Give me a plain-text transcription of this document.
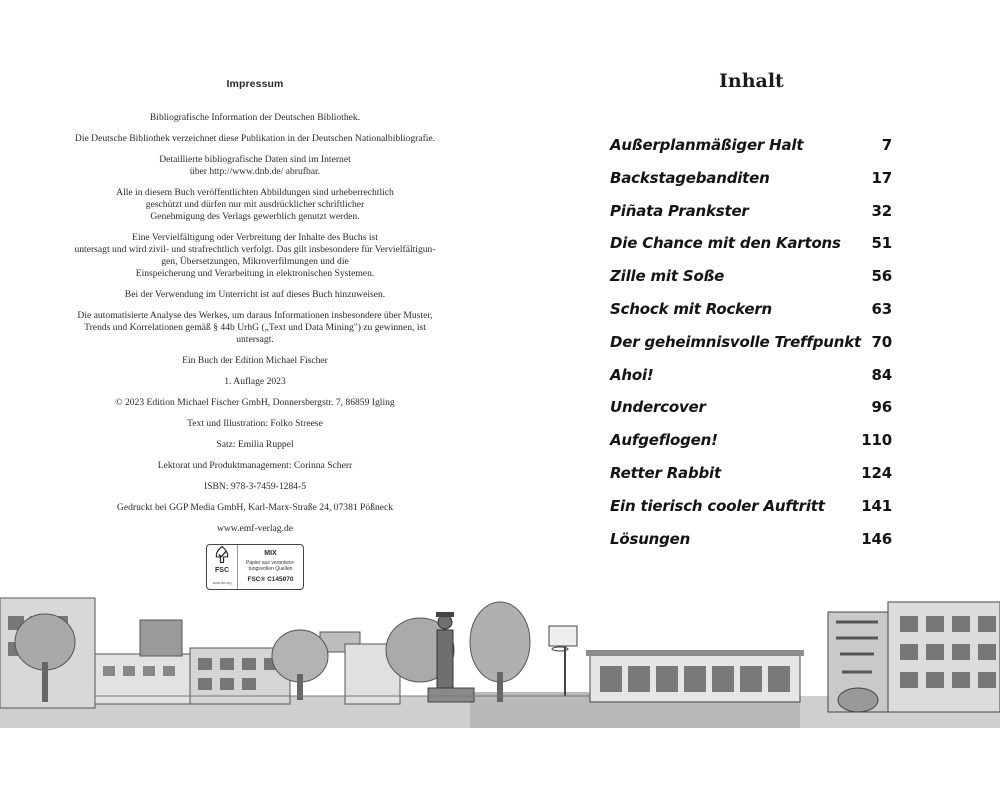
Impressum

Bibliografische Information der Deutschen Bibliothek.

Die Deutsche Bibliothek verzeichnet diese Publikation in der Deutschen Nationalbibliografie.

Detaillierte bibliografische Daten sind im Internet
über http://www.dnb.de/ abrufbar.

Alle in diesem Buch veröffentlichten Abbildungen sind urheberrechtlich
geschützt und dürfen nur mit ausdrücklicher schriftlicher
Genehmigung des Verlags gewerblich genutzt werden.

Eine Vervielfältigung oder Verbreitung der Inhalte des Buchs ist
untersagt und wird zivil- und strafrechtlich verfolgt. Das gilt insbesondere für Vervielfältigun-
gen, Übersetzungen, Mikroverfilmungen und die
Einspeicherung und Verarbeitung in elektronischen Systemen.

Bei der Verwendung im Unterricht ist auf dieses Buch hinzuweisen.

Die automatisierte Analyse des Werkes, um daraus Informationen insbesondere über Muster,
Trends und Korrelationen gemäß § 44b UrhG („Text und Data Mining") zu gewinnen, ist
untersagt.

Ein Buch der Edition Michael Fischer

1. Auflage 2023

© 2023 Edition Michael Fischer GmbH, Donnersbergstr. 7, 86859 Igling

Text und Illustration: Folko Streese

Satz: Emilia Ruppel

Lektorat und Produktmanagement: Corinna Scherr

ISBN: 978-3-7459-1284-5

Gedruckt bei GGP Media GmbH, Karl-Marx-Straße 24, 07381 Pößneck

www.emf-verlag.de

FSC
www.fsc.org
MIX
Papier aus verantwor-
tungsvollen Quellen
FSC® C145070
Inhalt
Außerplanmäßiger Halt	7
Backstagebanditen	17
Piñata Prankster	32
Die Chance mit den Kartons 51
Zille mit Soße	56
Schock mit Rockern	63
Der geheimnisvolle Treffpunkt 70
Ahoi!	84
Undercover	96
Aufgeflogen!	110
Retter Rabbit	124
Ein tierisch cooler Auftritt 141
Lösungen	146
